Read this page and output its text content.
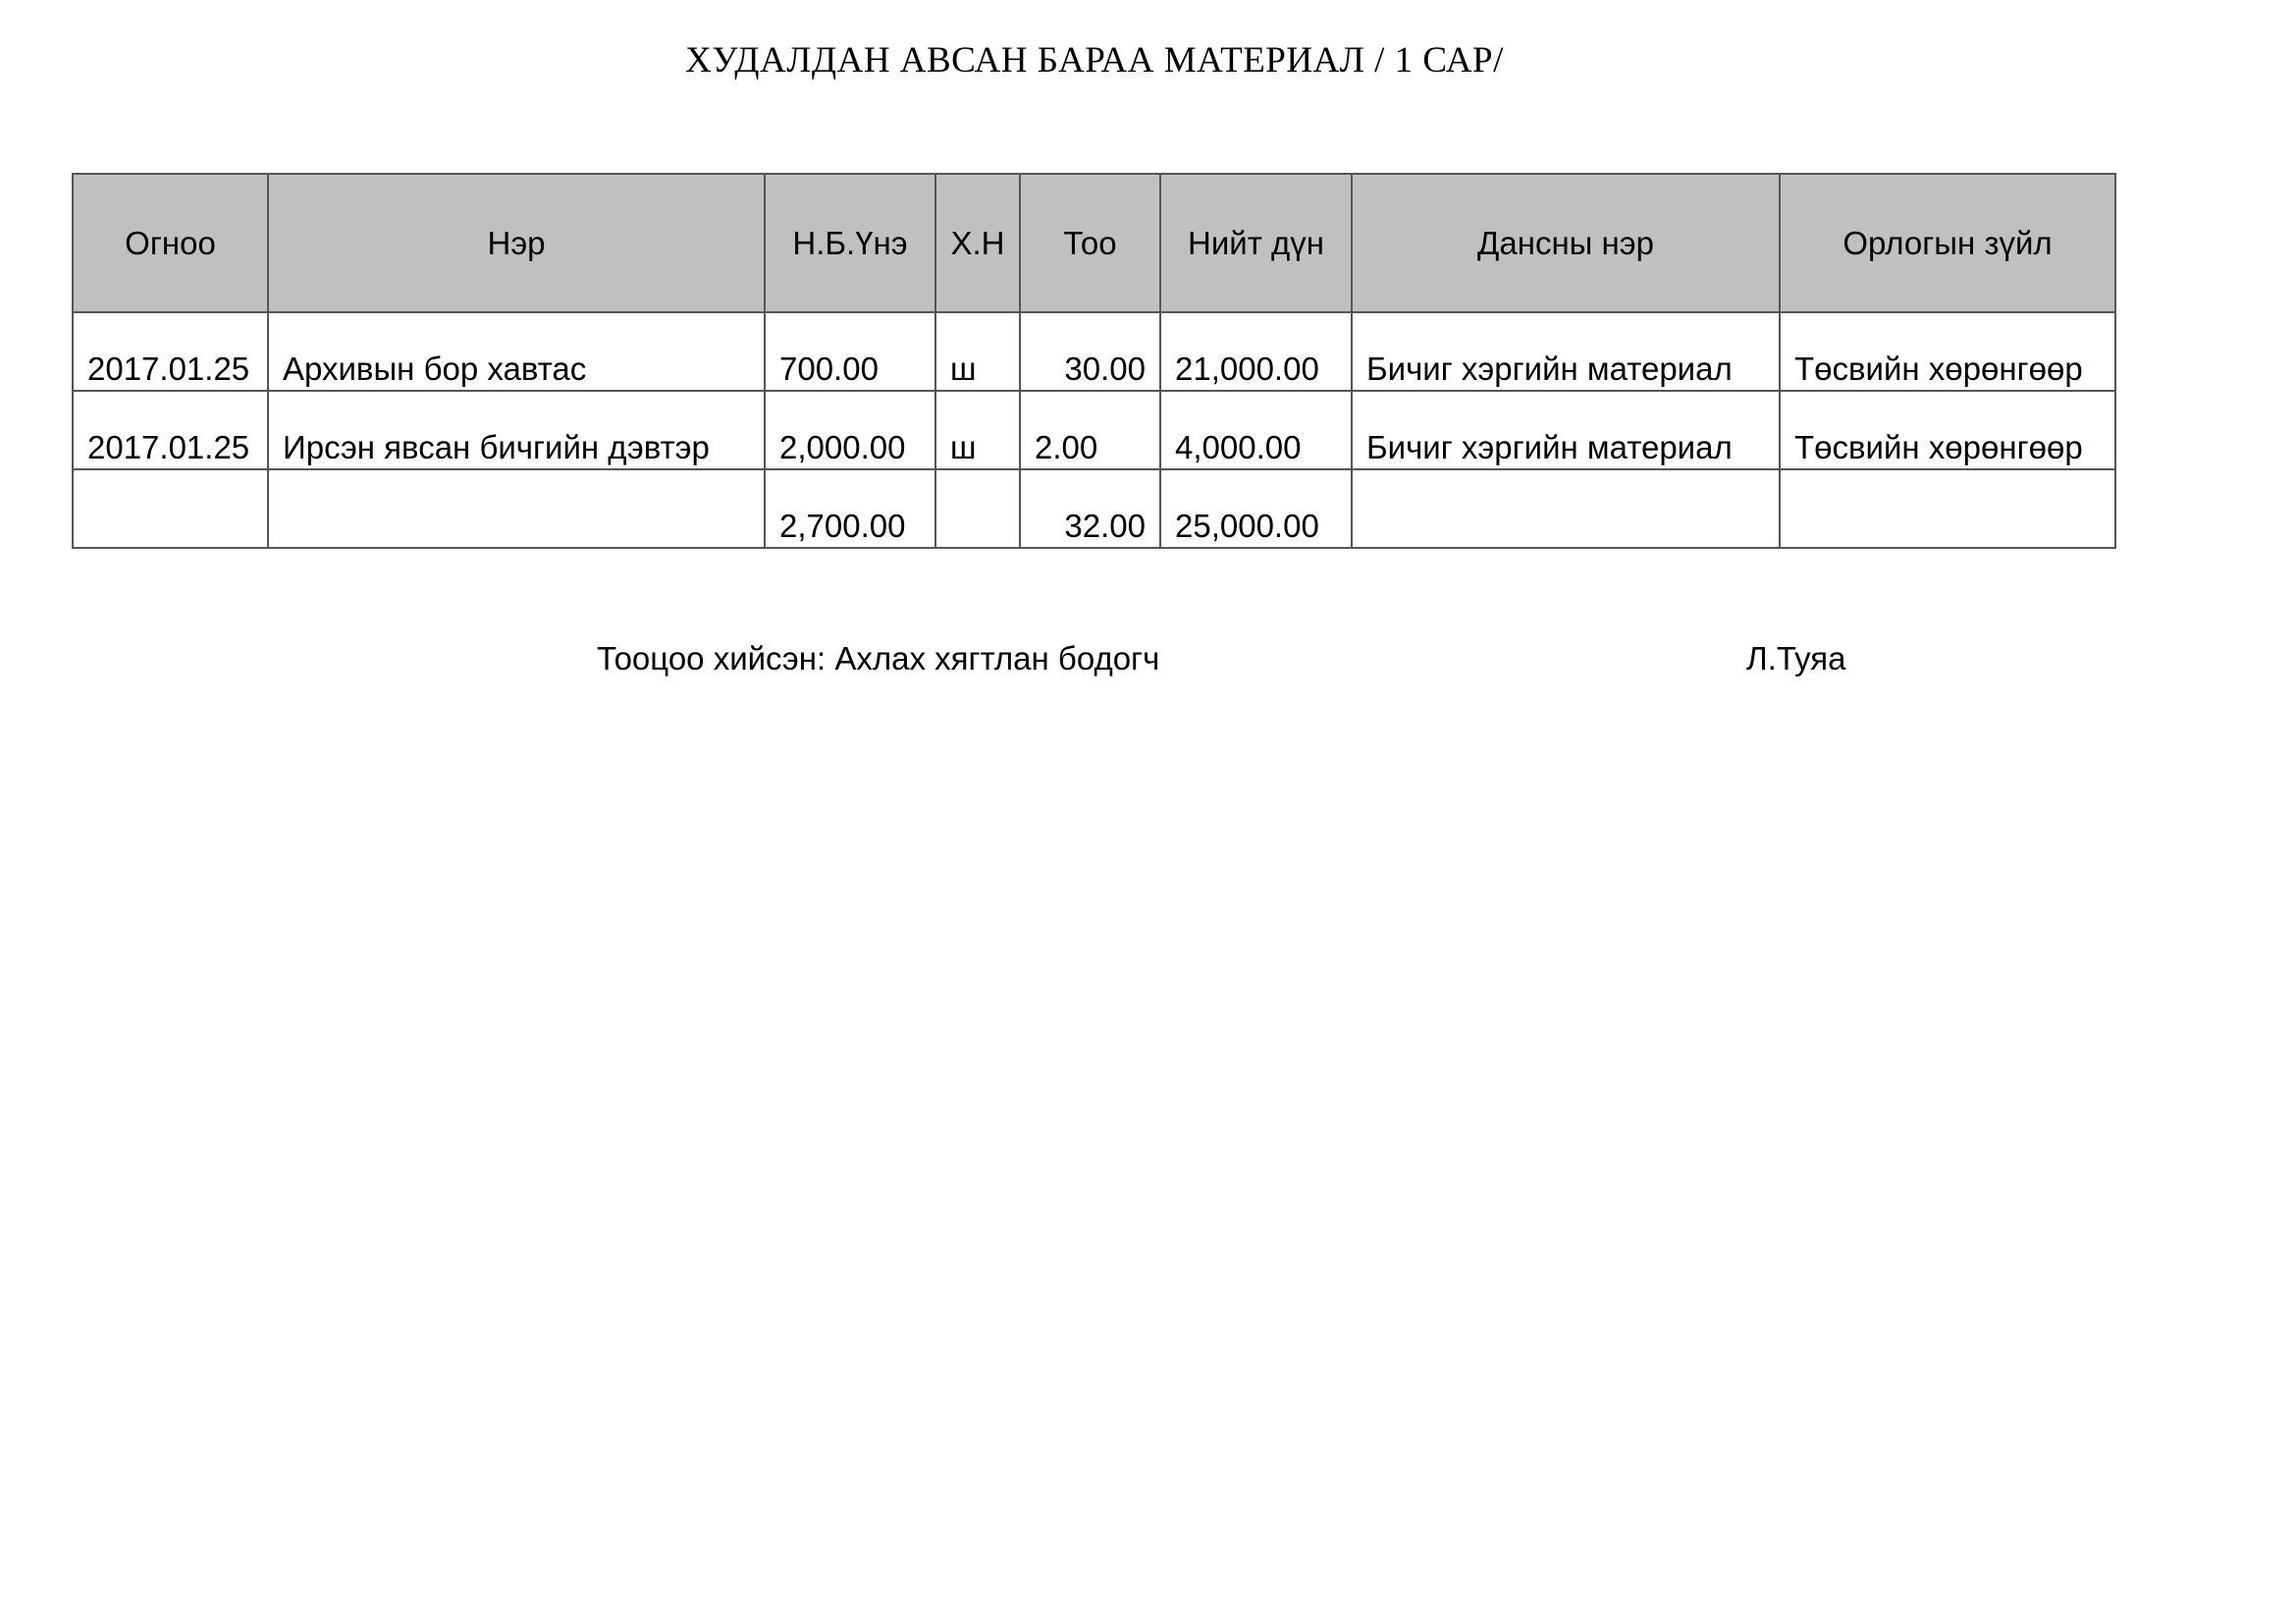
ХУДАЛДАН АВСАН БАРАА МАТЕРИАЛ / 1 САР/
Огноо	Нэр	Н.Б.Үнэ	Х.Н	Тоо	Нийт дүн	Дансны нэр	Орлогын зүйл
2017.01.25	Архивын бор хавтас	700.00	ш	30.00	21,000.00	Бичиг хэргийн материал	Төсвийн хөрөнгөөр
2017.01.25	Ирсэн явсан бичгийн дэвтэр	2,000.00	ш	2.00	4,000.00	Бичиг хэргийн материал	Төсвийн хөрөнгөөр
		2,700.00		32.00	25,000.00		
Тооцоо хийсэн: Ахлах хягтлан бодогч	Л.Туяа
